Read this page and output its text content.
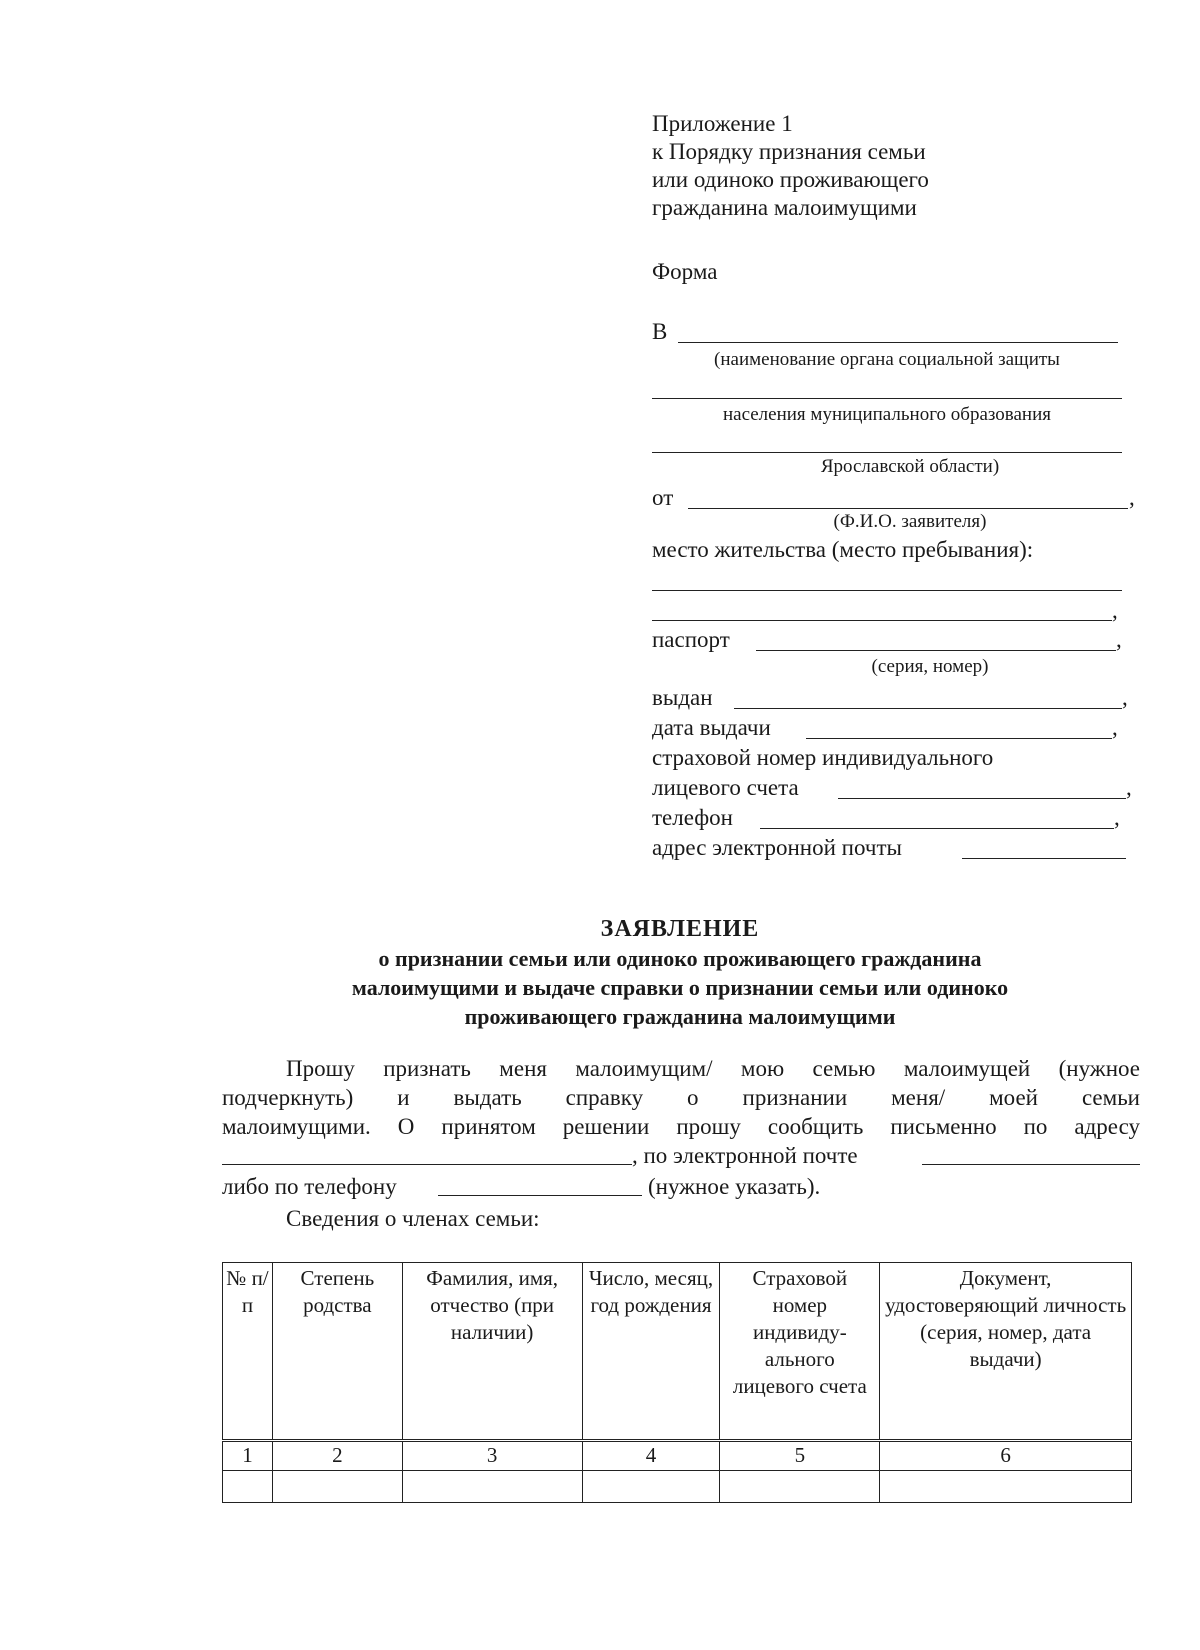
Приложение 1
к Порядку признания семьи
или одиноко проживающего
гражданина малоимущими
Форма
В
(наименование органа социальной защиты
населения муниципального образования
Ярославской области)
от	,
(Ф.И.О. заявителя)
место жительства (место пребывания):
,
паспорт	,
(серия, номер)
выдан	,
дата выдачи	,
страховой номер индивидуального
лицевого счета	,
телефон	,
адрес электронной почты
ЗАЯВЛЕНИЕ

о признании семьи или одиноко проживающего гражданина

малоимущими и выдаче справки о признании семьи или одиноко

проживающего гражданина малоимущими

Прошу признать меня малоимущим/ мою семью малоимущей (нужное
подчеркнуть) и выдать справку о признании меня/ моей семьи
малоимущими. О принятом решении прошу сообщить письменно по адресу
, по электронной почте
либо по телефону	(нужное указать).
Сведения о членах семьи:
№ п/п	Степень родства	Фамилия, имя, отчество (при наличии)	Число, месяц, год рождения	Страховой номер индивиду-ального лицевого счета	Документ, удостоверяющий личность (серия, номер, дата выдачи)
1	2	3	4	5	6
